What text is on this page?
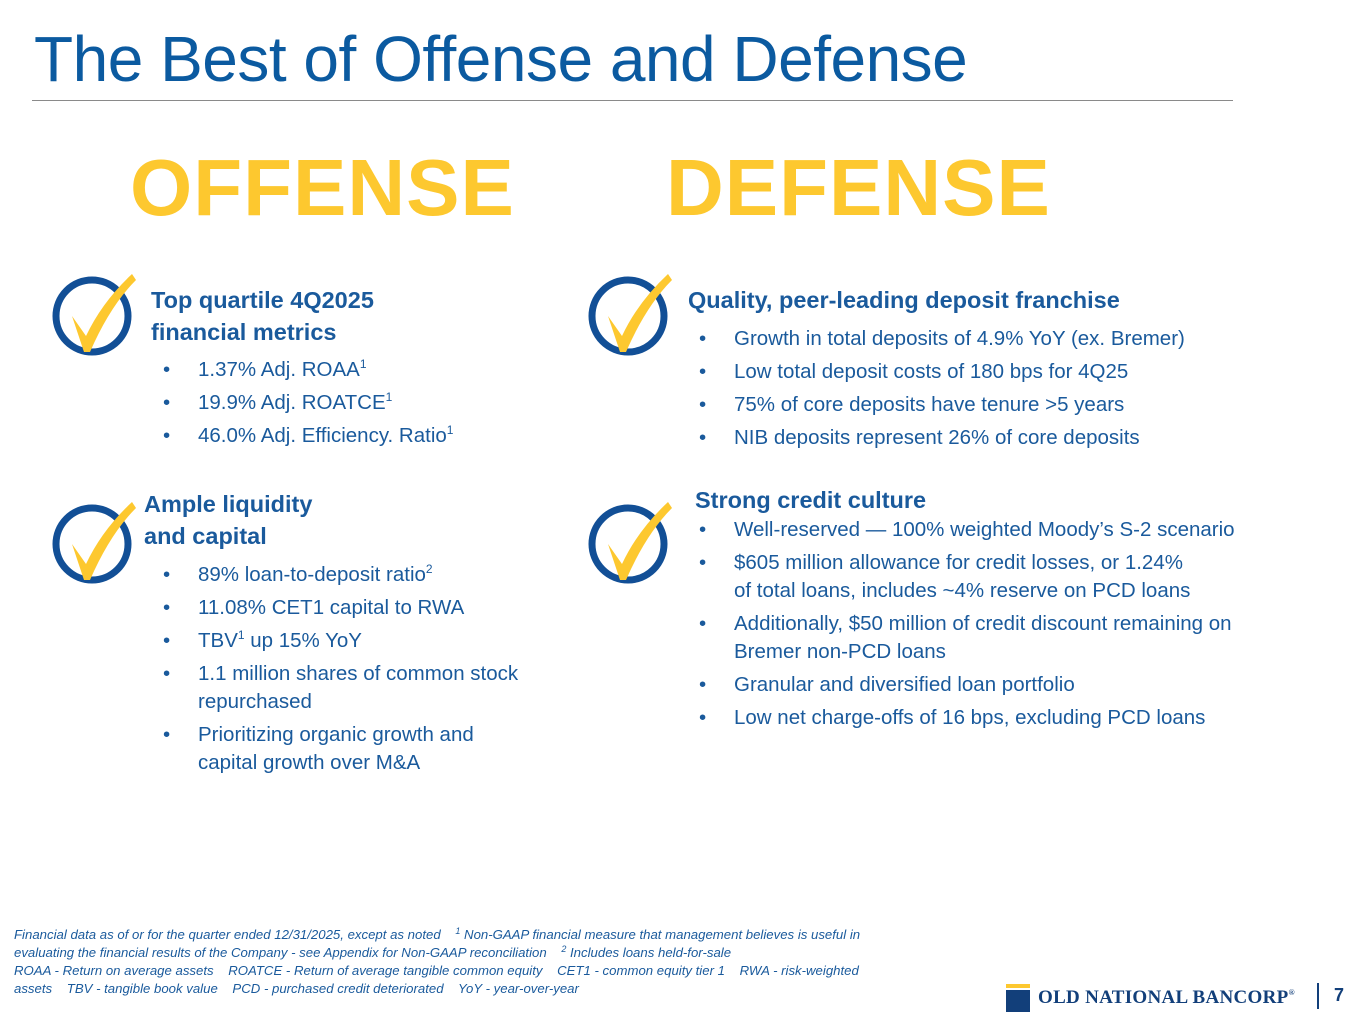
The Best of Offense and Defense
OFFENSE DEFENSE
Top quartile 4Q2025
financial metrics
• 1.37% Adj. ROAA$^1$
• 19.9% Adj. ROATCE$^1$
• 46.0% Adj. Efficiency. Ratio$^1$
Ample liquidity
and capital
• 89% loan-to-deposit ratio$^2$
• 11.08% CET1 capital to RWA
• TBV$^1$ up 15% YoY
• 1.1 million shares of common stock
repurchased
• Prioritizing organic growth and
capital growth over M&A
Quality, peer-leading deposit franchise
• Growth in total deposits of 4.9% YoY (ex. Bremer)
• Low total deposit costs of 180 bps for 4Q25
• 75% of core deposits have tenure >5 years
• NIB deposits represent 26% of core deposits
Strong credit culture
• Well-reserved — 100% weighted Moody’s S-2 scenario
• $605 million allowance for credit losses, or 1.24%
of total loans, includes ~4% reserve on PCD loans
• Additionally, $50 million of credit discount remaining on
Bremer non-PCD loans
• Granular and diversified loan portfolio
• Low net charge-offs of 16 bps, excluding PCD loans

Financial data as of or for the quarter ended 12/31/2025, except as noted $^1$ Non-GAAP financial measure that management believes is useful in

evaluating the financial results of the Company - see Appendix for Non-GAAP reconciliation $^2$ Includes loans held-for-sale

ROAA - Return on average assets    ROATCE - Return of average tangible common equity    CET1 - common equity tier 1    RWA - risk-weighted

assets    TBV - tangible book value    PCD - purchased credit deteriorated    YoY - year-over-year	OLD NATIONAL BANCORP® 7
